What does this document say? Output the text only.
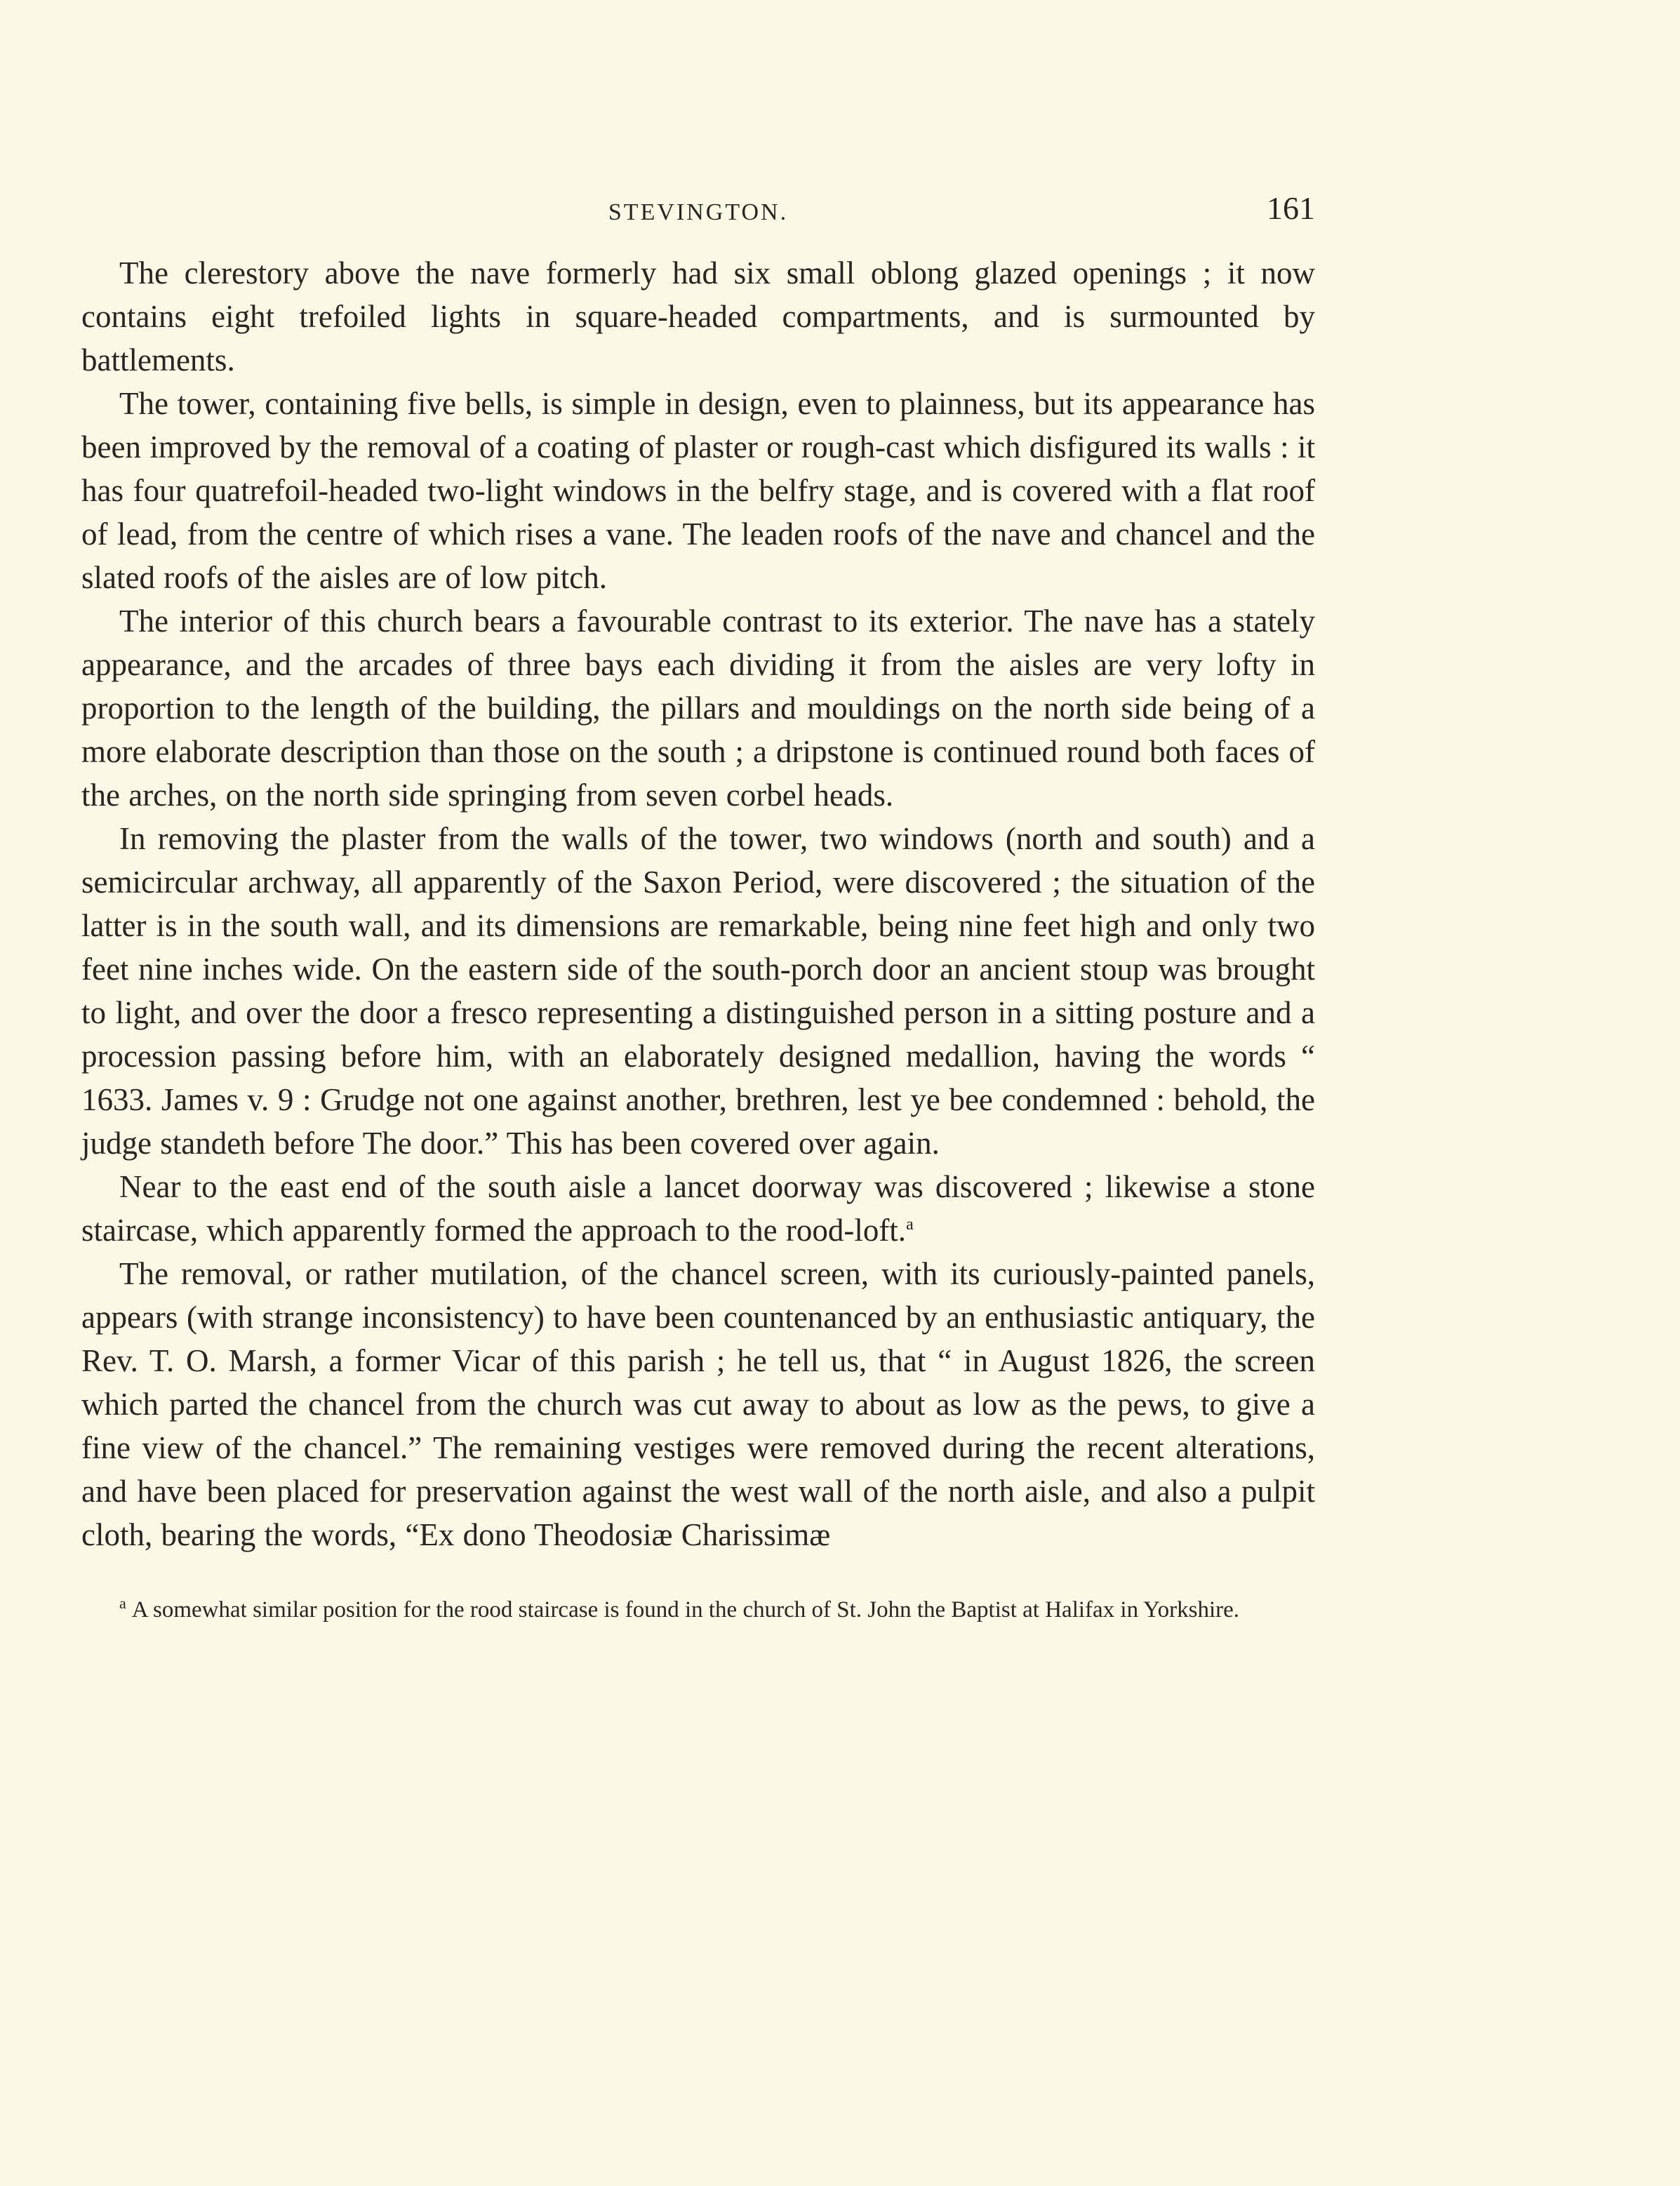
STEVINGTON.	161

The clerestory above the nave formerly had six small oblong glazed openings ; it now contains eight trefoiled lights in square-headed compartments, and is surmounted by battlements.

The tower, containing five bells, is simple in design, even to plainness, but its appearance has been improved by the removal of a coating of plaster or rough-cast which disfigured its walls : it has four quatrefoil-headed two-light windows in the belfry stage, and is covered with a flat roof of lead, from the centre of which rises a vane. The leaden roofs of the nave and chancel and the slated roofs of the aisles are of low pitch.

The interior of this church bears a favourable contrast to its exterior. The nave has a stately appearance, and the arcades of three bays each dividing it from the aisles are very lofty in proportion to the length of the building, the pillars and mouldings on the north side being of a more elaborate description than those on the south ; a dripstone is continued round both faces of the arches, on the north side springing from seven corbel heads.

In removing the plaster from the walls of the tower, two windows (north and south) and a semicircular archway, all apparently of the Saxon Period, were discovered ; the situation of the latter is in the south wall, and its dimensions are remarkable, being nine feet high and only two feet nine inches wide. On the eastern side of the south-porch door an ancient stoup was brought to light, and over the door a fresco representing a distinguished person in a sitting posture and a procession passing before him, with an elaborately designed medallion, having the words “ 1633. James v. 9 : Grudge not one against another, brethren, lest ye bee condemned : behold, the judge standeth before The door.” This has been covered over again.

Near to the east end of the south aisle a lancet doorway was discovered ; likewise a stone staircase, which apparently formed the approach to the rood-loft.$^a$

The removal, or rather mutilation, of the chancel screen, with its curiously-painted panels, appears (with strange inconsistency) to have been countenanced by an enthusiastic antiquary, the Rev. T. O. Marsh, a former Vicar of this parish ; he tell us, that “ in August 1826, the screen which parted the chancel from the church was cut away to about as low as the pews, to give a fine view of the chancel.” The remaining vestiges were removed during the recent alterations, and have been placed for preservation against the west wall of the north aisle, and also a pulpit cloth, bearing the words, “Ex dono Theodosiæ Charissimæ

$^a$ A somewhat similar position for the rood staircase is found in the church of St. John the Baptist at Halifax in Yorkshire.
